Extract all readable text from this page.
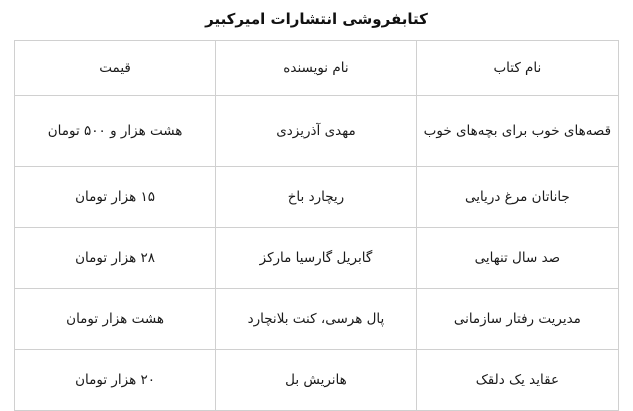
کتابفروشی انتشارات امیرکبیر
نام کتاب	نام نویسنده	قیمت
قصه‌های خوب برای بچه‌های خوب	مهدی آذریزدی	هشت هزار و ۵۰۰ تومان
جاناتان مرغ دریایی	ریچارد باخ	۱۵ هزار تومان
صد سال تنهایی	گابریل گارسیا مارکز	۲۸ هزار تومان
مدیریت رفتار سازمانی	پال هرسی، کنت بلانچارد	هشت هزار تومان
عقاید یک دلقک	هانریش بل	۲۰ هزار تومان
